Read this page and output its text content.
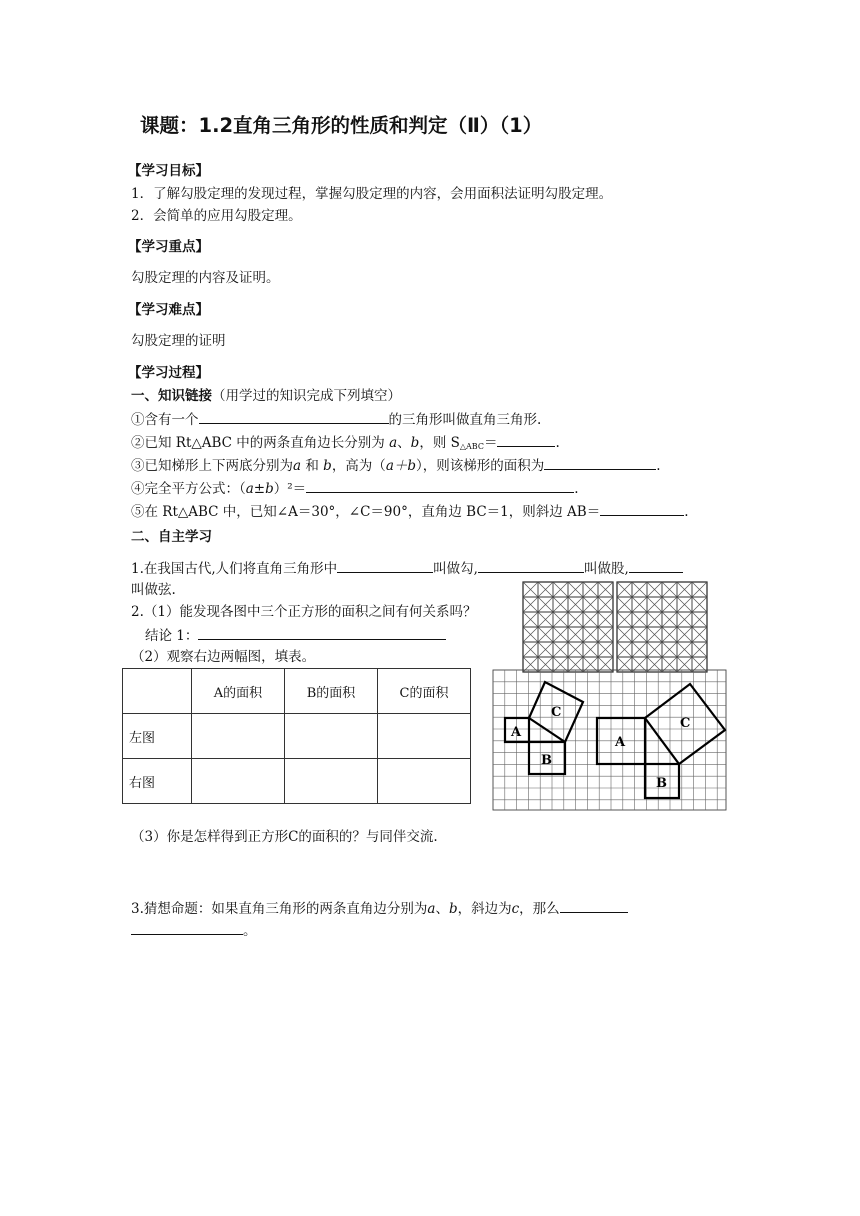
课题：1.2直角三角形的性质和判定（Ⅱ）（1）
【学习目标】
1．了解勾股定理的发现过程，掌握勾股定理的内容，会用面积法证明勾股定理。
2．会简单的应用勾股定理。
【学习重点】
勾股定理的内容及证明。
【学习难点】
勾股定理的证明
【学习过程】
一、知识链接（用学过的知识完成下列填空）
①含有一个	的三角形叫做直角三角形.
②已知 Rt△ABC 中的两条直角边长分别为 a、b，则 $S_{\triangle ABC}=$	.
③已知梯形上下两底分别为a 和 b，高为（a＋b），则该梯形的面积为	.
④完全平方公式：（a±b）²＝	.
⑤在 Rt△ABC 中，已知∠A＝30°，∠C＝90°，直角边 BC＝1，则斜边 AB＝	.
二、自主学习
1.在我国古代,人们将直角三角形中	叫做勾,	叫做股,
叫做弦.
2.（1）能发现各图中三个正方形的面积之间有何关系吗？
结论 1：
（2）观察右边两幅图，填表。
	A的面积	B的面积	C的面积
左图			
右图			
A
B
C
A
C
B
（3）你是怎样得到正方形C的面积的？与同伴交流.
3.猜想命题：如果直角三角形的两条直角边分别为a、b，斜边为c，那么
。
